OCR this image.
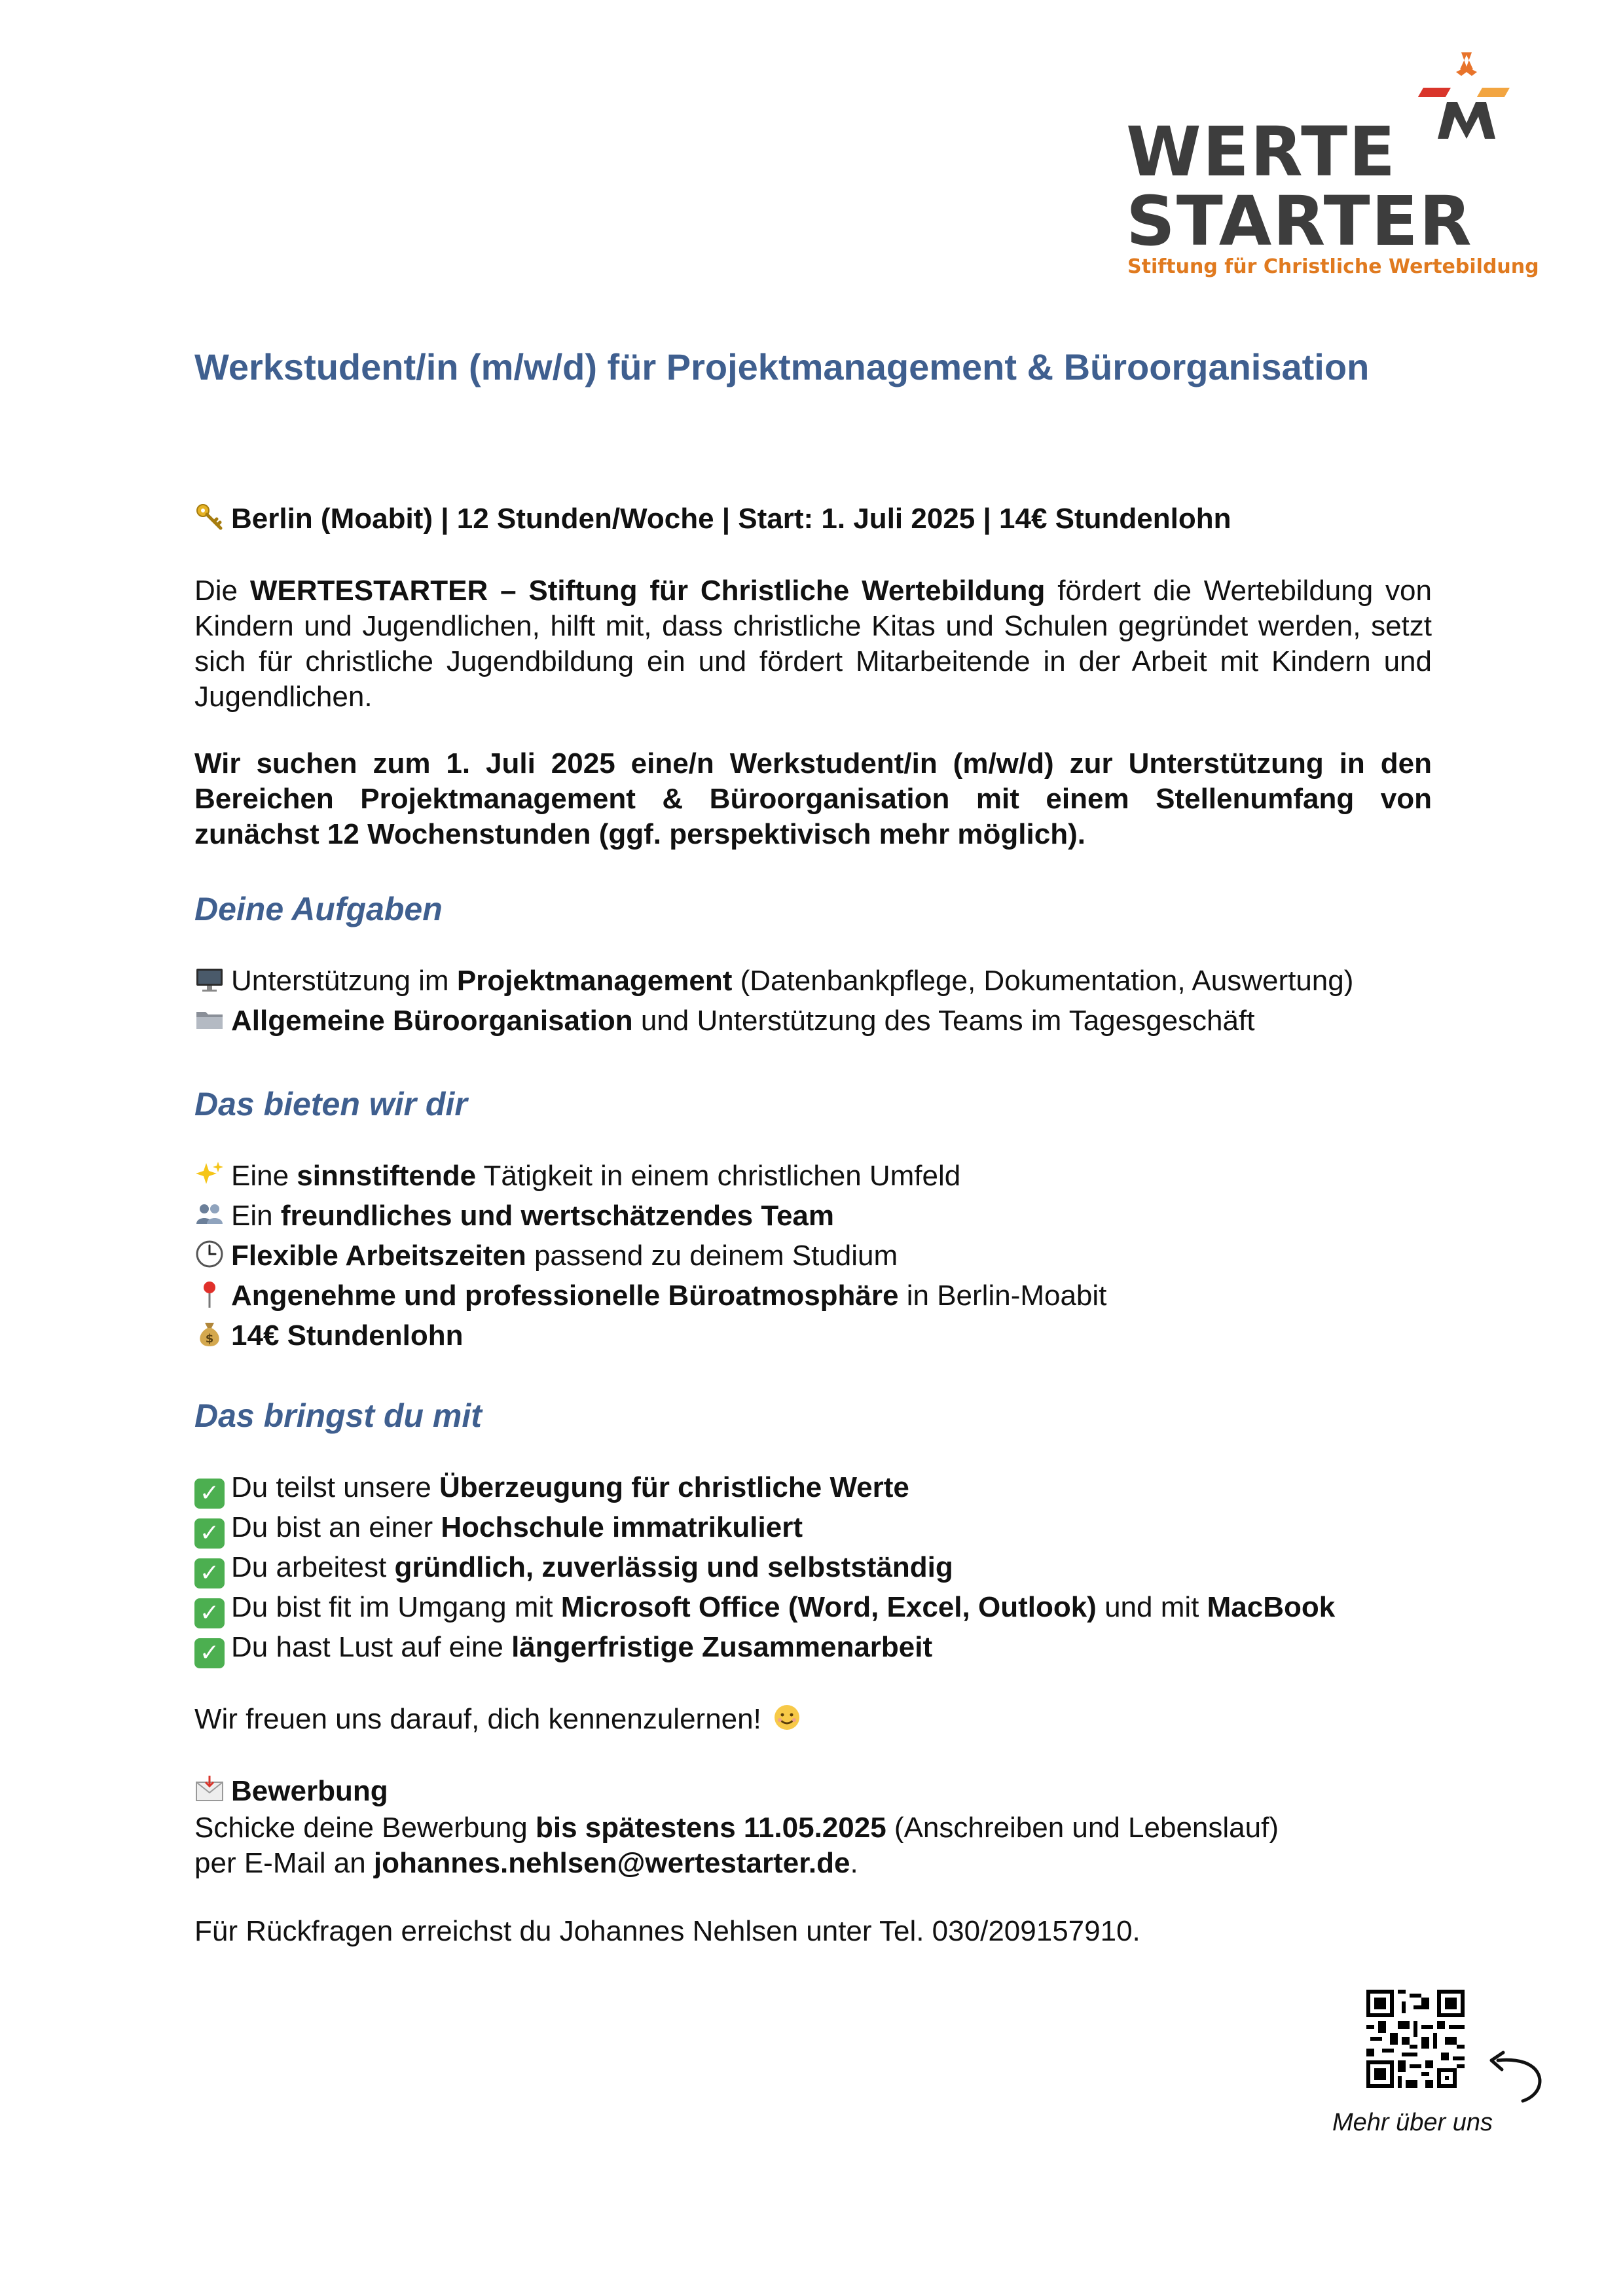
WERTE
STARTER
Stiftung für Christliche Wertebildung
Werkstudent/in (m/w/d) für Projektmanagement & Büroorganisation
Berlin (Moabit) | 12 Stunden/Woche | Start: 1. Juli 2025 | 14€ Stundenlohn
Die WERTESTARTER – Stiftung für Christliche Wertebildung fördert die Wertebildung von Kindern und Jugendlichen, hilft mit, dass christliche Kitas und Schulen gegründet werden, setzt sich für christliche Jugendbildung ein und fördert Mitarbeitende in der Arbeit mit Kindern und Jugendlichen.
Wir suchen zum 1. Juli 2025 eine/n Werkstudent/in (m/w/d) zur Unterstützung in den Bereichen Projektmanagement & Büroorganisation mit einem Stellenumfang von zunächst 12 Wochenstunden (ggf. perspektivisch mehr möglich).
Deine Aufgaben
Unterstützung im Projektmanagement (Datenbankpflege, Dokumentation, Auswertung)
Allgemeine Büroorganisation und Unterstützung des Teams im Tagesgeschäft
Das bieten wir dir
Eine sinnstiftende Tätigkeit in einem christlichen Umfeld
Ein freundliches und wertschätzendes Team
Flexible Arbeitszeiten passend zu deinem Studium
Angenehme und professionelle Büroatmosphäre in Berlin-Moabit
$ 14€ Stundenlohn
Das bringst du mit
✓ Du teilst unsere Überzeugung für christliche Werte
✓ Du bist an einer Hochschule immatrikuliert
✓ Du arbeitest gründlich, zuverlässig und selbstständig
✓ Du bist fit im Umgang mit Microsoft Office (Word, Excel, Outlook) und mit MacBook
✓ Du hast Lust auf eine längerfristige Zusammenarbeit
Wir freuen uns darauf, dich kennenzulernen!
Bewerbung
Schicke deine Bewerbung bis spätestens 11.05.2025 (Anschreiben und Lebenslauf)
per E-Mail an johannes.nehlsen@wertestarter.de.
Für Rückfragen erreichst du Johannes Nehlsen unter Tel. 030/209157910.
Mehr über uns
